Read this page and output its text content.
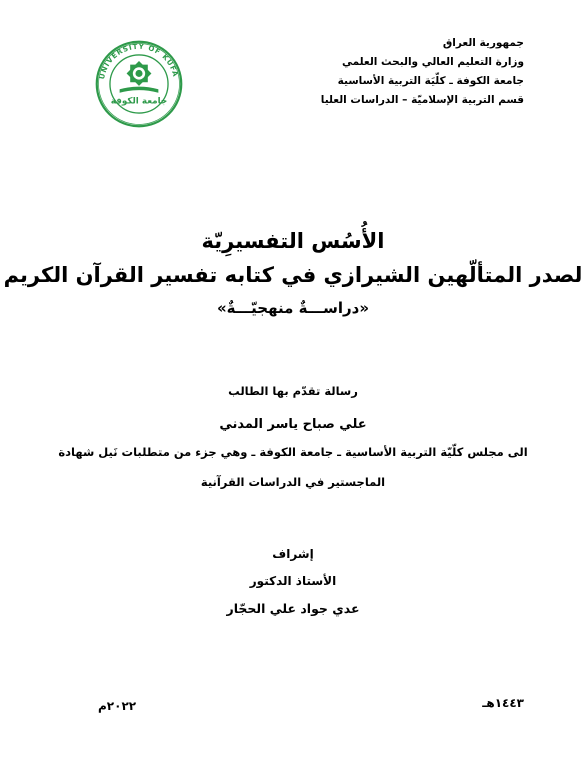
جمهورية العراق
وزارة التعليم العالي والبحث العلمي
جامعة الكوفة ـ كلّيَة التربية الأساسية
قسم التربية الإسلاميّة – الدراسات العليا
UNIVERSITY OF KUFA
جامعة الكوفة
الأُسُس التفسيرِيّة
لصدر المتألّهين الشيرازي في كتابه تفسير القرآن الكريم
«دراســـةٌ منهجيّـــةٌ»
رسالة تقدّم بها الطالب
علي صباح ياسر المدني
الى مجلس كلّيّة التربية الأساسية ـ جامعة الكوفة ـ وهي جزء من متطلبات نَيل شهادة
الماجستير في الدراسات القرآنية
إشراف
الأستاذ الدكتور
عدي جواد علي الحجّار
١٤٤٣هـ
٢٠٢٢م
